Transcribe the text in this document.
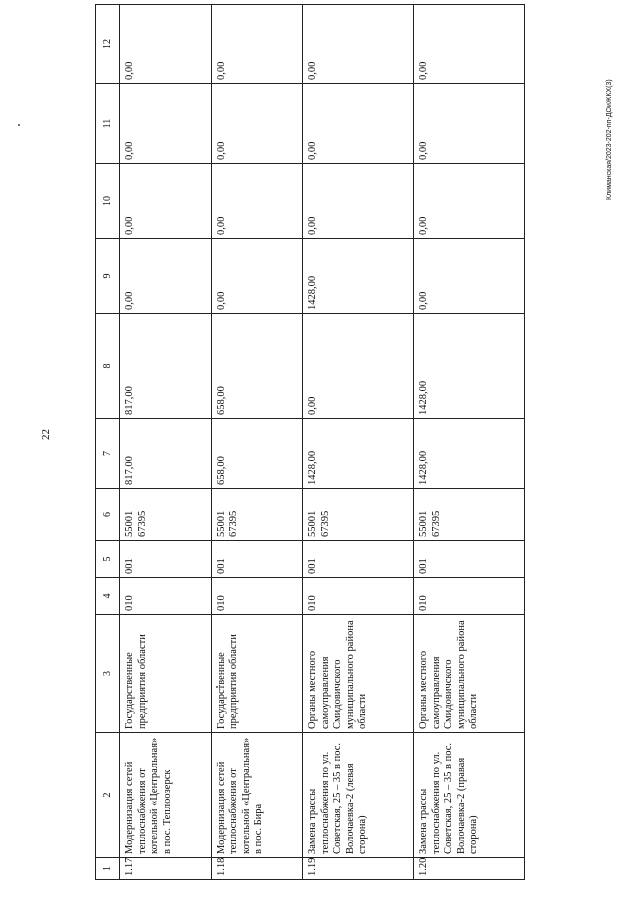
22
Климанская/2023-202-пп-ДОиЖКХ(3)
1	2	3	4	5	6	7	8	9	10	11	12
1.17	Модернизация сетей теплоснабжения от котельной «Центральная» в пос. Теплоозерск	Государственные предприятия области	010	001	55001 67395	817,00	817,00	0,00	0,00	0,00	0,00
1.18	Модернизация сетей теплоснабжения от котельной «Центральная» в пос. Бира	Государственные предприятия области	010	001	55001 67395	658,00	658,00	0,00	0,00	0,00	0,00
1.19	Замена трассы теплоснабжения по ул. Советская, 25 – 35 в пос. Волочаевка-2 (левая сторона)	Органы местного самоуправления Смидовичского муниципального района области	010	001	55001 67395	1428,00	0,00	1428,00	0,00	0,00	0,00
1.20	Замена трассы теплоснабжения по ул. Советская, 25 – 35 в пос. Волочаевка-2 (правая сторона)	Органы местного самоуправления Смидовичского муниципального района области	010	001	55001 67395	1428,00	1428,00	0,00	0,00	0,00	0,00
